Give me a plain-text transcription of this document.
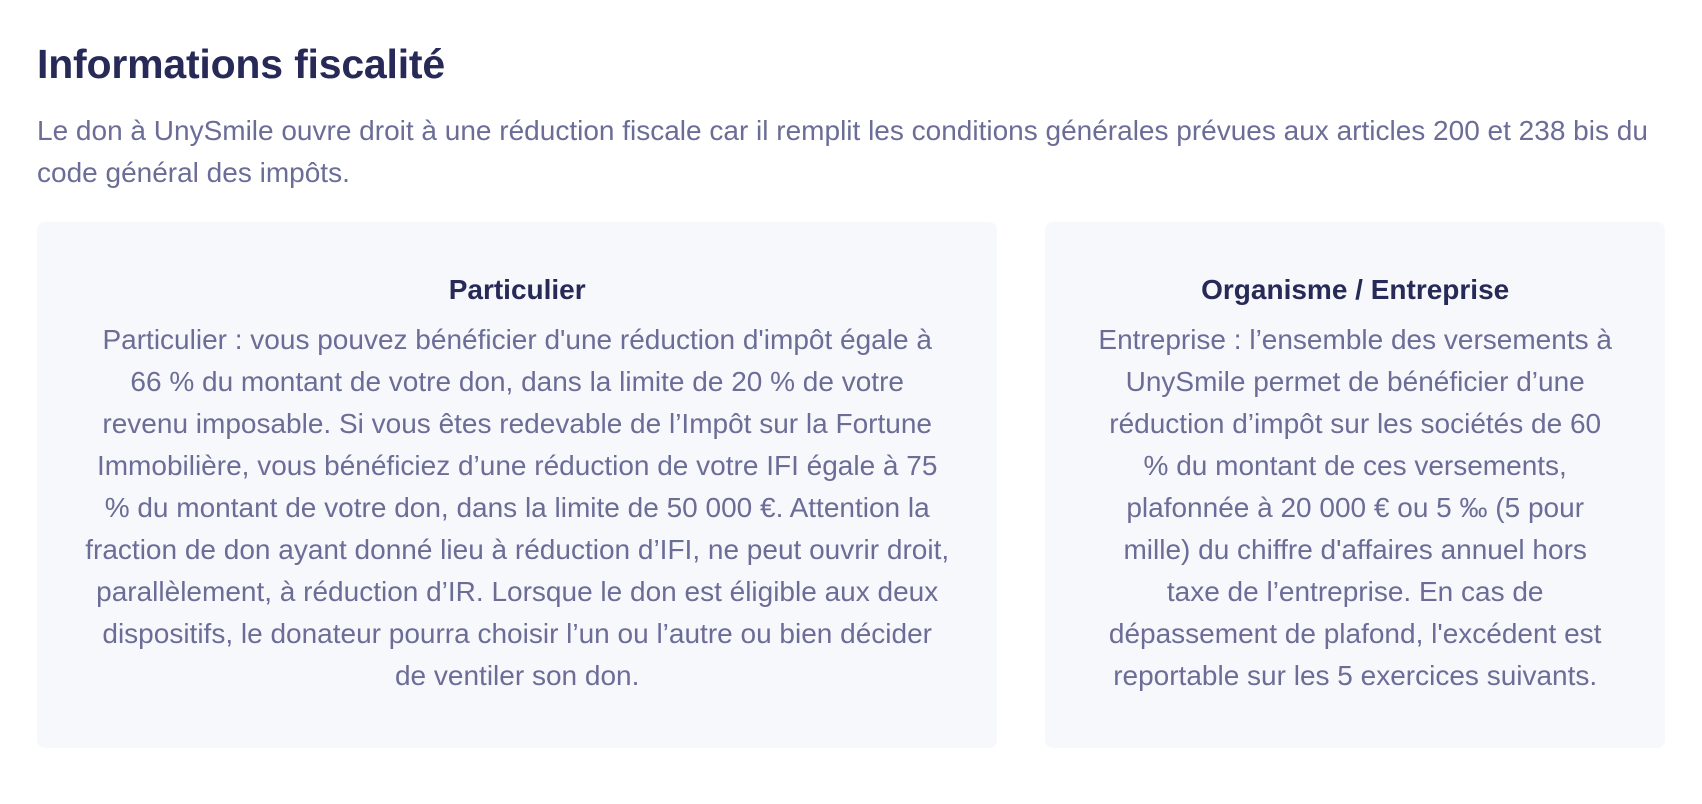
Informations fiscalité

Le don à UnySmile ouvre droit à une réduction fiscale car il remplit les conditions générales prévues aux articles 200 et 238 bis du code général des impôts.

Particulier

Particulier : vous pouvez bénéficier d'une réduction d'impôt égale à 66 % du montant de votre don, dans la limite de 20 % de votre revenu imposable. Si vous êtes redevable de l’Impôt sur la Fortune Immobilière, vous bénéficiez d’une réduction de votre IFI égale à 75 % du montant de votre don, dans la limite de 50 000 €. Attention la fraction de don ayant donné lieu à réduction d’IFI, ne peut ouvrir droit, parallèlement, à réduction d’IR. Lorsque le don est éligible aux deux dispositifs, le donateur pourra choisir l’un ou l’autre ou bien décider de ventiler son don.

Organisme / Entreprise

Entreprise : l’ensemble des versements à UnySmile permet de bénéficier d’une réduction d’impôt sur les sociétés de 60 % du montant de ces versements, plafonnée à 20 000 € ou 5 ‰ (5 pour mille) du chiffre d'affaires annuel hors taxe de l’entreprise. En cas de dépassement de plafond, l'excédent est reportable sur les 5 exercices suivants.
